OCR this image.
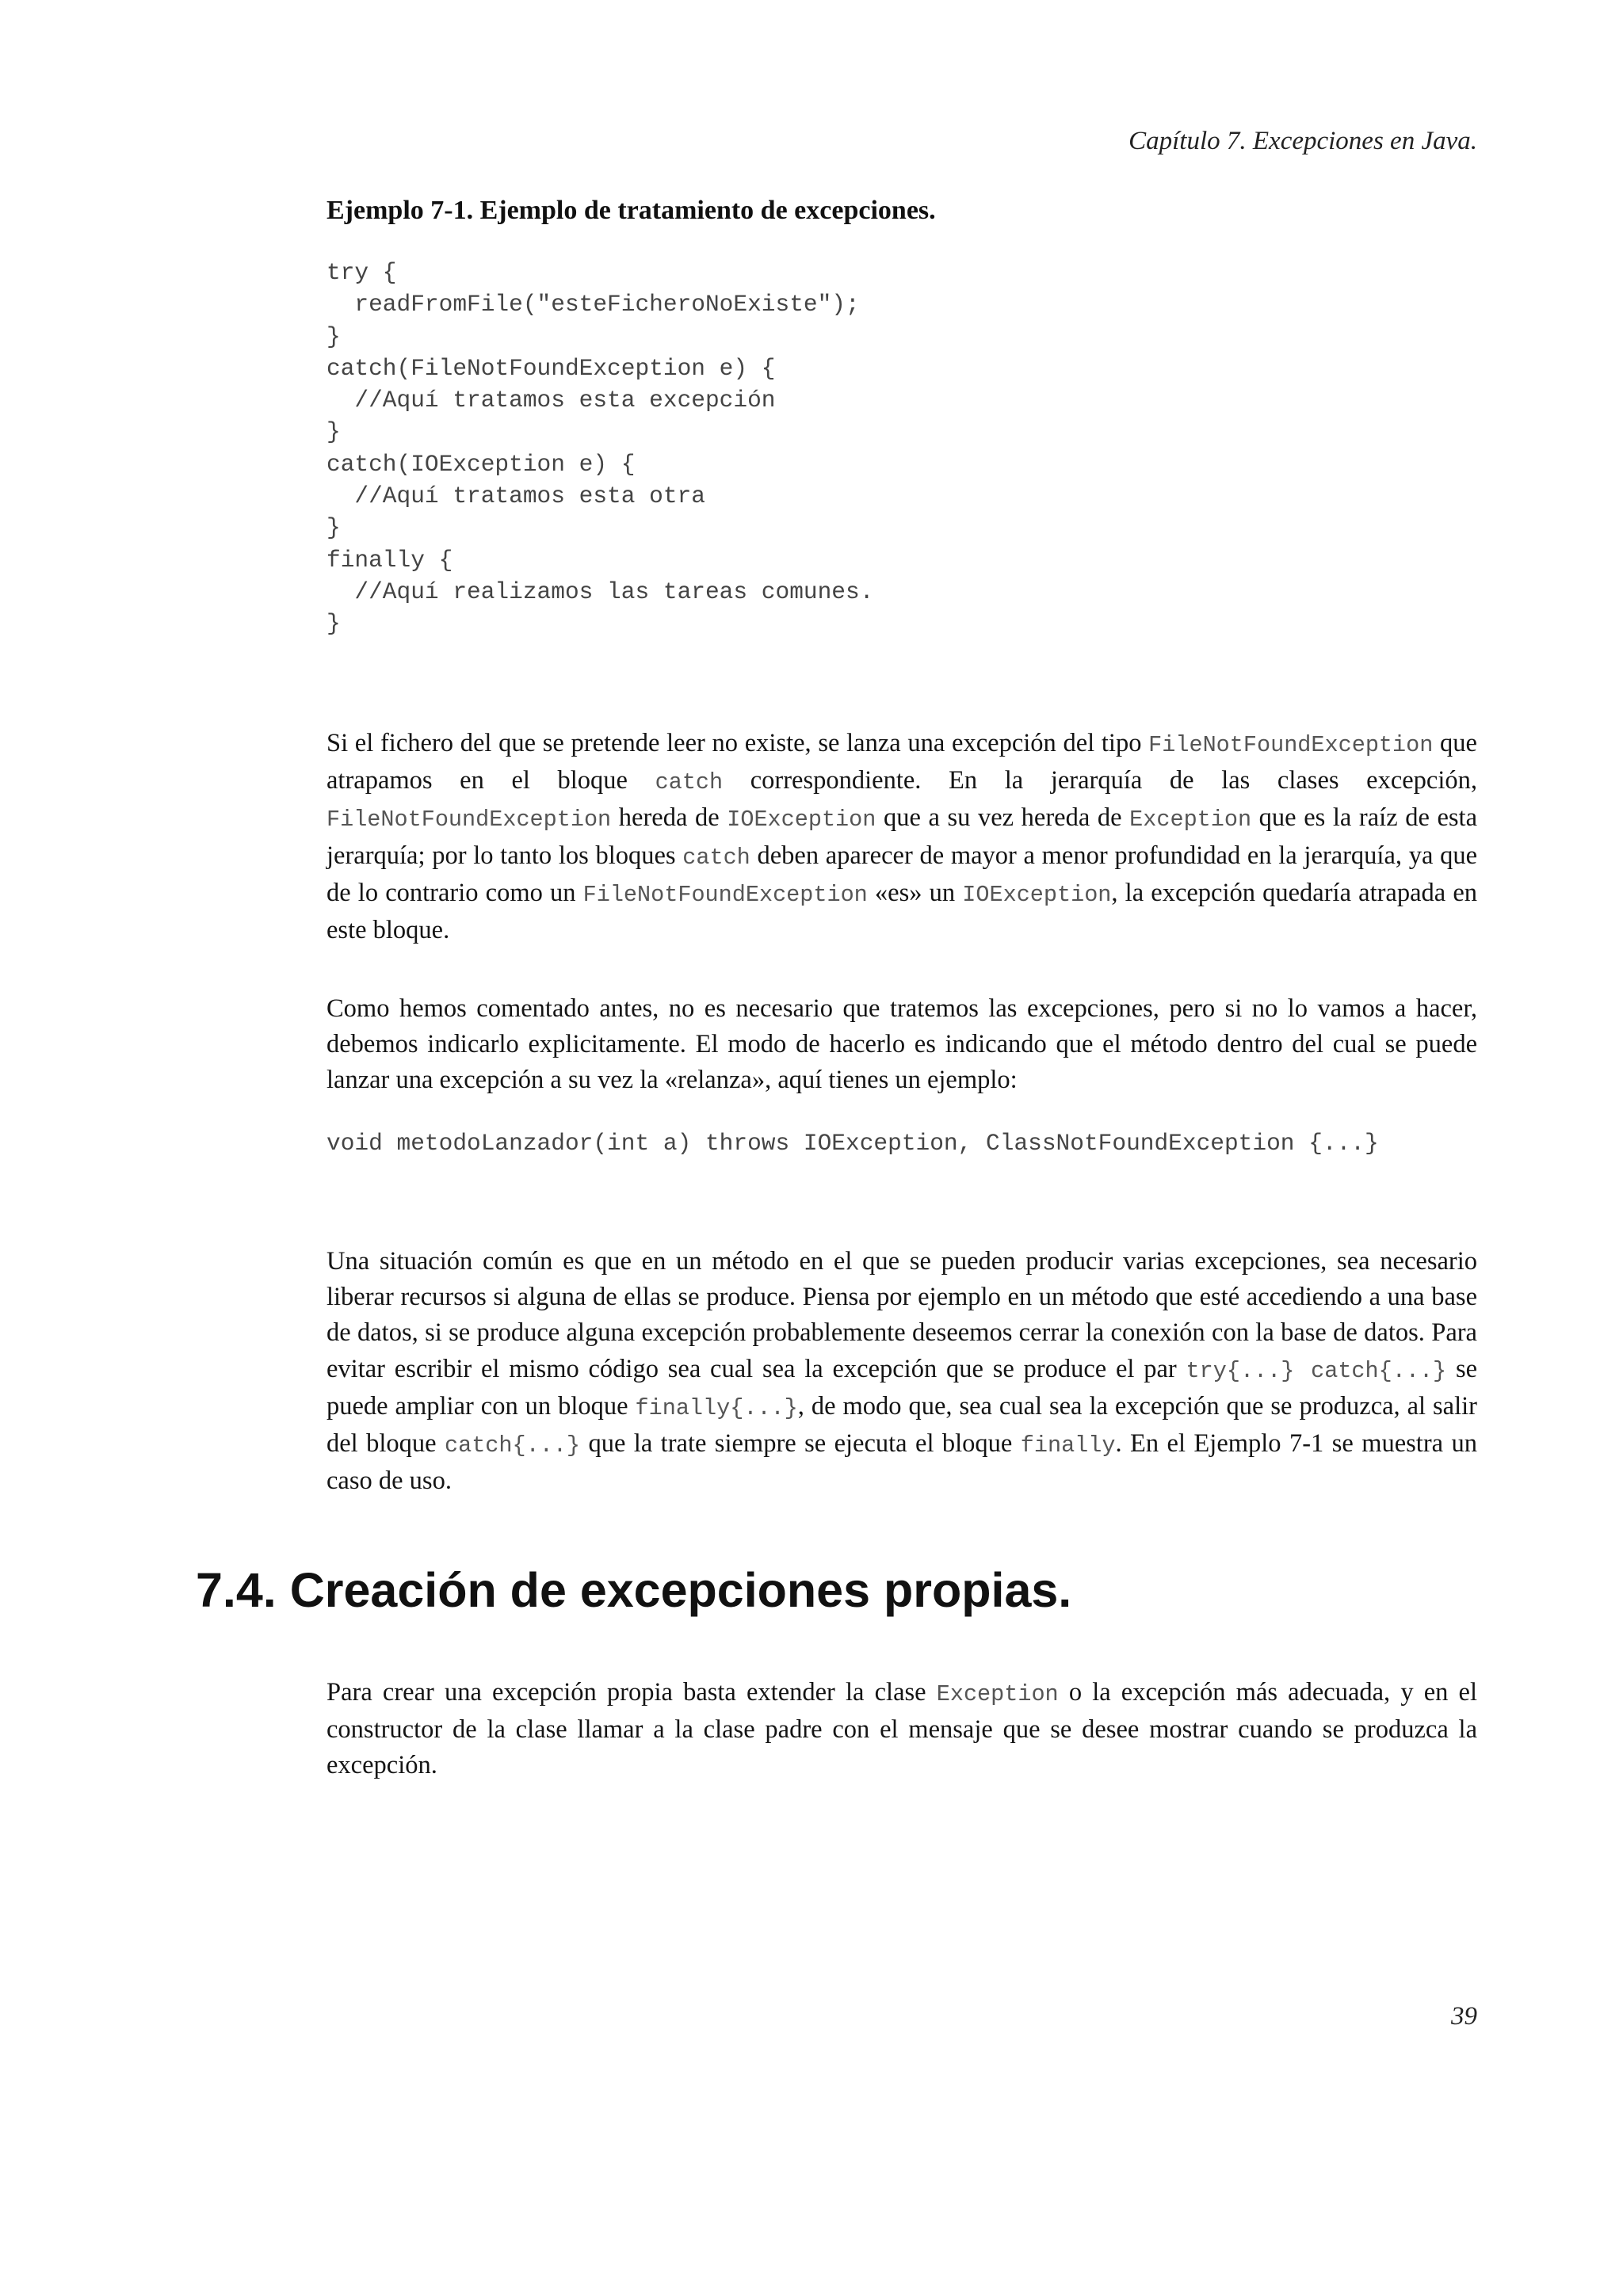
Capítulo 7. Excepciones en Java.
Ejemplo 7-1. Ejemplo de tratamiento de excepciones.
try {
readFromFile("esteFicheroNoExiste");
}
catch(FileNotFoundException e) {
//Aquí tratamos esta excepción
}
catch(IOException e) {
//Aquí tratamos esta otra
}
finally {
//Aquí realizamos las tareas comunes.
}

Si el fichero del que se pretende leer no existe, se lanza una excepción del tipo FileNotFoundException que atrapamos en el bloque catch correspondiente. En la jerarquía de las clases excepción, FileNotFoundException hereda de IOException que a su vez hereda de Exception que es la raíz de esta jerarquía; por lo tanto los bloques catch deben aparecer de mayor a menor profundidad en la jerarquía, ya que de lo contrario como un FileNotFoundException «es» un IOException, la excepción quedaría atrapada en este bloque.

Como hemos comentado antes, no es necesario que tratemos las excepciones, pero si no lo vamos a hacer, debemos indicarlo explicitamente. El modo de hacerlo es indicando que el método dentro del cual se puede lanzar una excepción a su vez la «relanza», aquí tienes un ejemplo:

void metodoLanzador(int a) throws IOException, ClassNotFoundException {...}

Una situación común es que en un método en el que se pueden producir varias excepciones, sea necesario liberar recursos si alguna de ellas se produce. Piensa por ejemplo en un método que esté accediendo a una base de datos, si se produce alguna excepción probablemente deseemos cerrar la conexión con la base de datos. Para evitar escribir el mismo código sea cual sea la excepción que se produce el par try{...} catch{...} se puede ampliar con un bloque finally{...}, de modo que, sea cual sea la excepción que se produzca, al salir del bloque catch{...} que la trate siempre se ejecuta el bloque finally. En el Ejemplo 7-1 se muestra un caso de uso.

7.4. Creación de excepciones propias.

Para crear una excepción propia basta extender la clase Exception o la excepción más adecuada, y en el constructor de la clase llamar a la clase padre con el mensaje que se desee mostrar cuando se produzca la excepción.

39
